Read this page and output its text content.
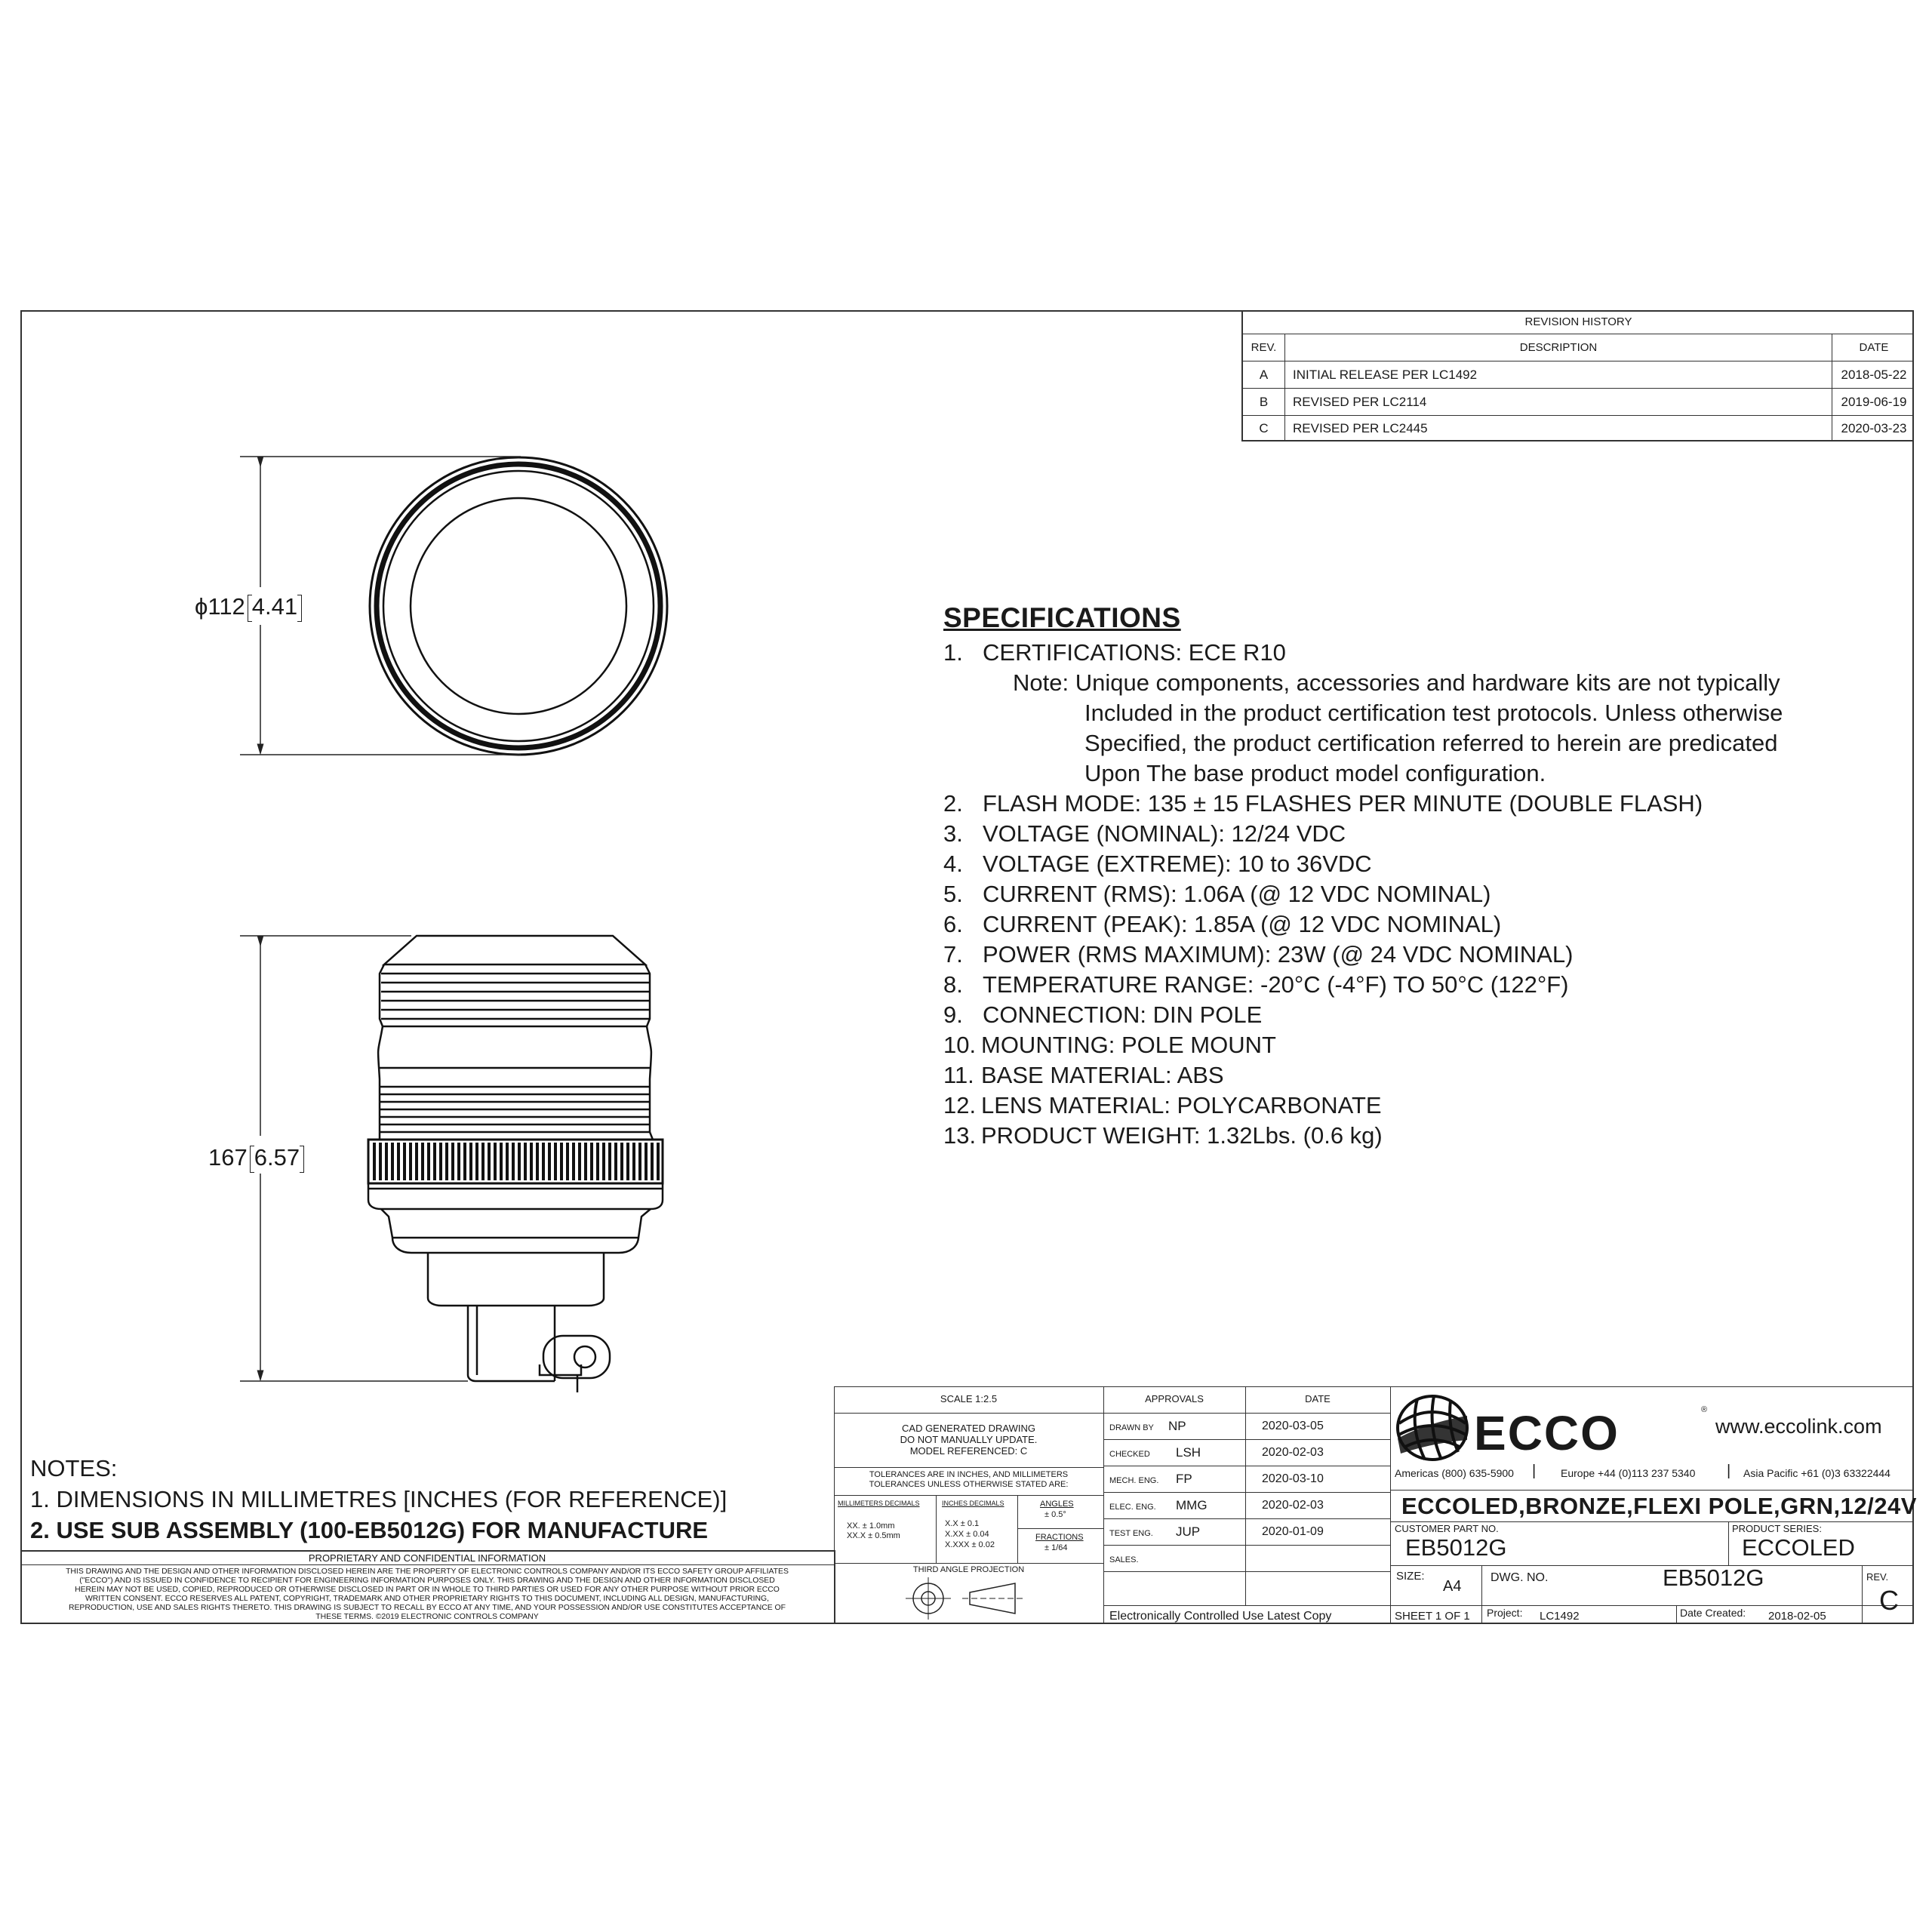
REVISION HISTORY
REV.	DESCRIPTION	DATE
A	INITIAL RELEASE PER LC1492	2018-05-22
B	REVISED PER LC2114	2019-06-19
C	REVISED PER LC2445	2020-03-23
ϕ112 4.41
167 6.57
SPECIFICATIONS
1. CERTIFICATIONS: ECE R10
Note: Unique components, accessories and hardware kits are not typically
Included in the product certification test protocols. Unless otherwise
Specified, the product certification referred to herein are predicated
Upon The base product model configuration.
2. FLASH MODE: 135 ± 15 FLASHES PER MINUTE (DOUBLE FLASH)
3. VOLTAGE (NOMINAL): 12/24 VDC
4. VOLTAGE (EXTREME): 10 to 36VDC
5. CURRENT (RMS): 1.06A (@ 12 VDC NOMINAL)
6. CURRENT (PEAK): 1.85A (@ 12 VDC NOMINAL)
7. POWER (RMS MAXIMUM): 23W (@ 24 VDC NOMINAL)
8. TEMPERATURE RANGE: -20°C (-4°F) TO 50°C (122°F)
9. CONNECTION: DIN POLE
10. MOUNTING: POLE MOUNT
11. BASE MATERIAL: ABS
12. LENS MATERIAL: POLYCARBONATE
13. PRODUCT WEIGHT: 1.32Lbs. (0.6 kg)
NOTES:
1. DIMENSIONS IN MILLIMETRES [INCHES (FOR REFERENCE)]
2. USE SUB ASSEMBLY (100-EB5012G) FOR MANUFACTURE
PROPRIETARY AND CONFIDENTIAL INFORMATION
THIS DRAWING AND THE DESIGN AND OTHER INFORMATION DISCLOSED HEREIN ARE THE PROPERTY OF ELECTRONIC CONTROLS COMPANY AND/OR ITS ECCO SAFETY GROUP AFFILIATES
("ECCO") AND IS ISSUED IN CONFIDENCE TO RECIPIENT FOR ENGINEERING INFORMATION PURPOSES ONLY. THIS DRAWING AND THE DESIGN AND OTHER INFORMATION DISCLOSED
HEREIN MAY NOT BE USED, COPIED, REPRODUCED OR OTHERWISE DISCLOSED IN PART OR IN WHOLE TO THIRD PARTIES OR USED FOR ANY OTHER PURPOSE WITHOUT PRIOR ECCO
WRITTEN CONSENT. ECCO RESERVES ALL PATENT, COPYRIGHT, TRADEMARK AND OTHER PROPRIETARY RIGHTS TO THIS DOCUMENT, INCLUDING ALL DESIGN, MANUFACTURING,
REPRODUCTION, USE AND SALES RIGHTS THERETO. THIS DRAWING IS SUBJECT TO RECALL BY ECCO AT ANY TIME, AND YOUR POSSESSION AND/OR USE CONSTITUTES ACCEPTANCE OF
THESE TERMS. ©2019 ELECTRONIC CONTROLS COMPANY
SCALE 1:2.5
CAD GENERATED DRAWING
DO NOT MANUALLY UPDATE.
MODEL REFERENCED: C
TOLERANCES ARE IN INCHES, AND MILLIMETERS
TOLERANCES UNLESS OTHERWISE STATED ARE:
MILLIMETERS DECIMALS
XX. ± 1.0mm
XX.X ± 0.5mm
INCHES DECIMALS
X.X ± 0.1
X.XX ± 0.04
X.XXX ± 0.02
ANGLES
± 0.5°
FRACTIONS
± 1/64
THIRD ANGLE PROJECTION
APPROVALS	DATE
DRAWN BY NP	2020-03-05
CHECKED LSH	2020-02-03
MECH. ENG. FP	2020-03-10
ELEC. ENG. MMG	2020-02-03
TEST ENG. JUP	2020-01-09
SALES.
Electronically Controlled Use Latest Copy
ECCO	®
www.eccolink.com
Americas (800) 635-5900 | Europe +44 (0)113 237 5340 | Asia Pacific +61 (0)3 63322444
ECCOLED,BRONZE,FLEXI POLE,GRN,12/24V
CUSTOMER PART NO.
EB5012G
PRODUCT SERIES:
ECCOLED
SIZE:
A4
DWG. NO.	EB5012G	REV.
C
SHEET 1 OF 1 Project: LC1492	Date Created: 2018-02-05
